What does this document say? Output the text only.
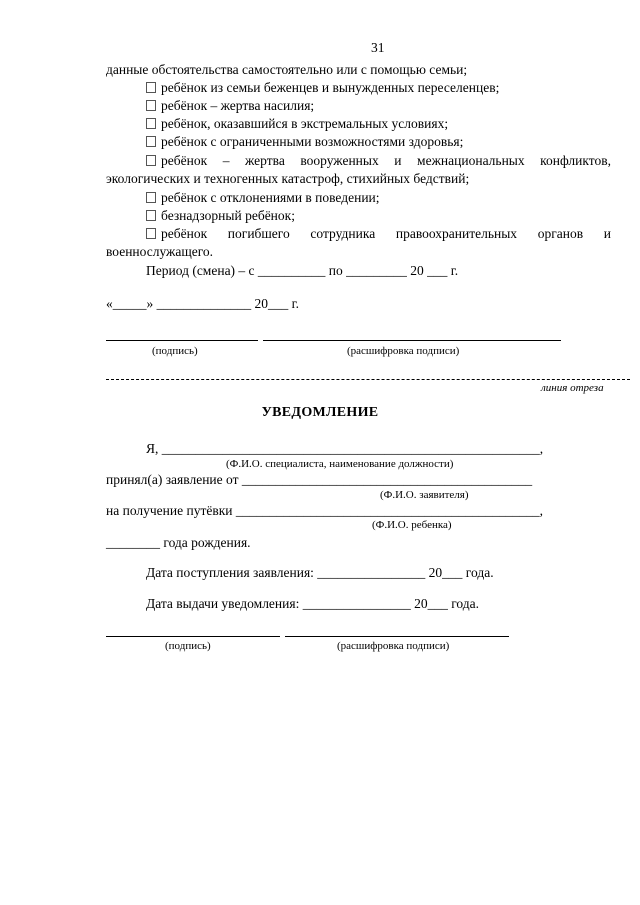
31
данные обстоятельства самостоятельно или с помощью семьи;
ребёнок из семьи беженцев и вынужденных переселенцев;
ребёнок – жертва насилия;
ребёнок, оказавшийся в экстремальных условиях;
ребёнок с ограниченными возможностями здоровья;
ребёнок – жертва вооруженных и межнациональных конфликтов,
экологических и техногенных катастроф, стихийных бедствий;
ребёнок с отклонениями в поведении;
безнадзорный ребёнок;
ребёнок погибшего сотрудника правоохранительных органов и
военнослужащего.
Период (смена) – с __________ по _________ 20 ___ г.
«_____» ______________ 20___ г.
(подпись)	(расшифровка подписи)
линия отреза
УВЕДОМЛЕНИЕ
Я, ________________________________________________________,
(Ф.И.О. специалиста, наименование должности)
принял(а) заявление от ___________________________________________
(Ф.И.О. заявителя)
на получение путёвки _____________________________________________,
(Ф.И.О. ребенка)
________ года рождения.
Дата поступления заявления: ________________ 20___ года.
Дата выдачи уведомления: ________________ 20___ года.
(подпись)	(расшифровка подписи)
